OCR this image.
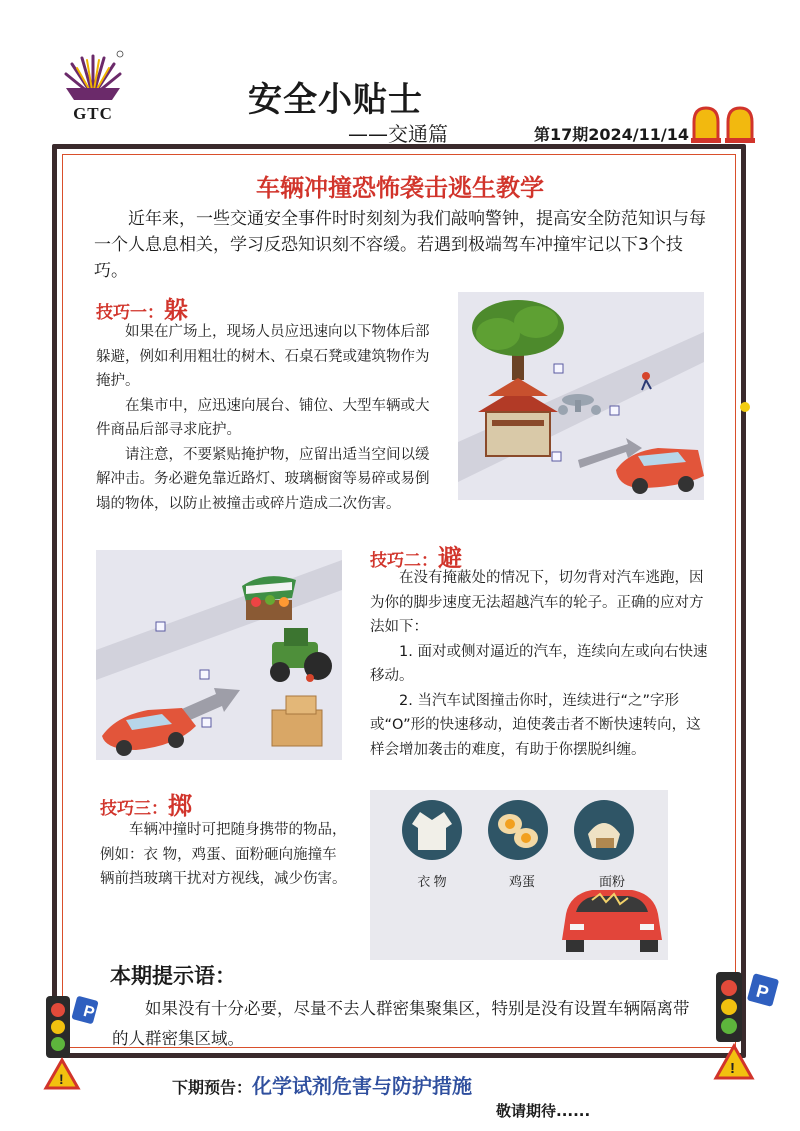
GTC	安全小贴士
——交通篇	第17期2024/11/14
车辆冲撞恐怖袭击逃生教学

近年来，一些交通安全事件时时刻刻为我们敲响警钟，提高安全防范知识与每一个人息息相关，学习反恐知识刻不容缓。若遇到极端驾车冲撞牢记以下3个技巧。

技巧一：躲

如果在广场上，现场人员应迅速向以下物体后部躲避，例如利用粗壮的树木、石桌石凳或建筑物作为掩护。

在集市中，应迅速向展台、铺位、大型车辆或大件商品后部寻求庇护。

请注意，不要紧贴掩护物，应留出适当空间以缓解冲击。务必避免靠近路灯、玻璃橱窗等易碎或易倒塌的物体，以防止被撞击或碎片造成二次伤害。

技巧二：避

在没有掩蔽处的情况下，切勿背对汽车逃跑，因为你的脚步速度无法超越汽车的轮子。正确的应对方法如下：

1. 面对或侧对逼近的汽车，连续向左或向右快速移动。

2. 当汽车试图撞击你时，连续进行“之”字形或“O”形的快速移动，迫使袭击者不断快速转向，这样会增加袭击的难度，有助于你摆脱纠缠。

技巧三：掷

车辆冲撞时可把随身携带的物品，例如：衣 物，鸡蛋、面粉砸向施撞车辆前挡玻璃干扰对方视线，减少伤害。	衣 物	鸡蛋	面粉
本期提示语：

如果没有十分必要，尽量不去人群密集聚集区，特别是没有设置车辆隔离带的人群密集区域。

P
!
P
!
下期预告：化学试剂危害与防护措施
敬请期待......
